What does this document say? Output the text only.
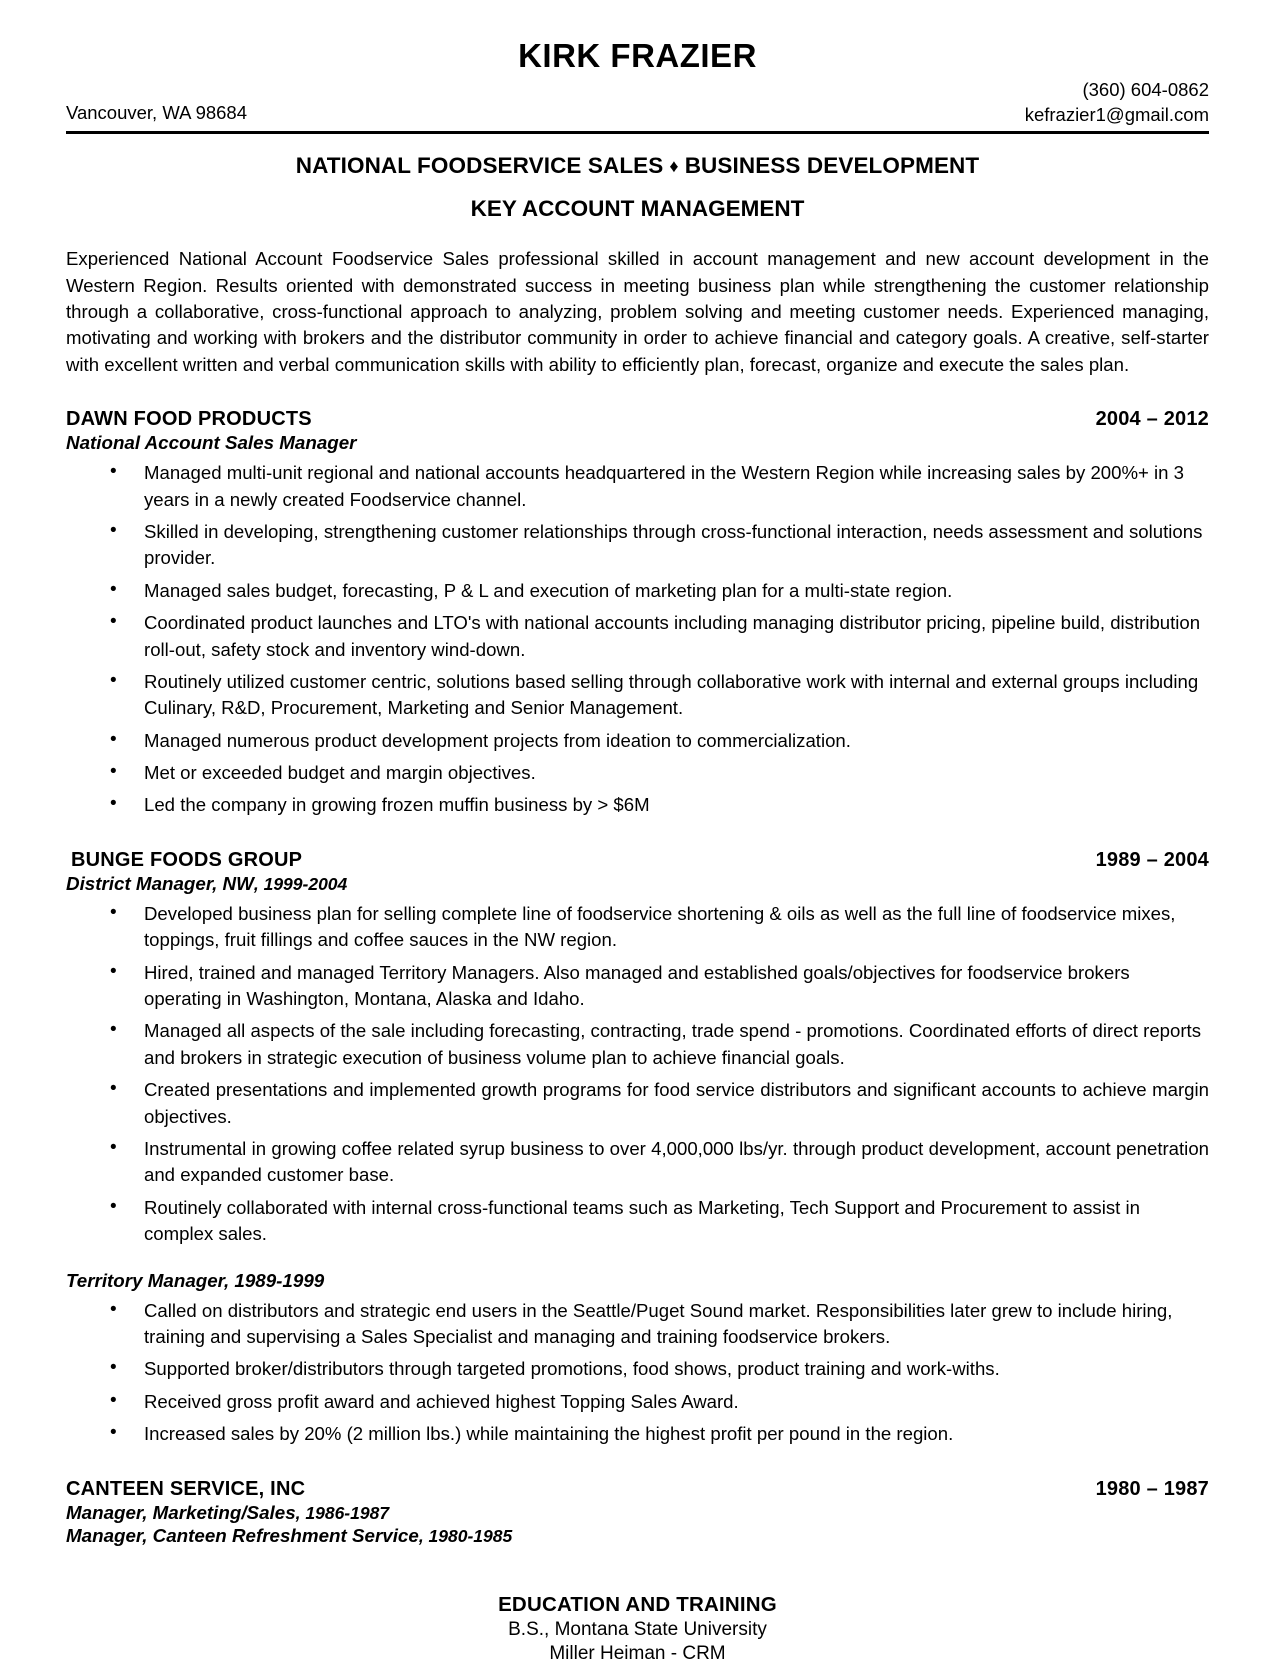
KIRK FRAZIER
Vancouver, WA 98684
(360) 604-0862
kefrazier1@gmail.com
NATIONAL FOODSERVICE SALES ♦ BUSINESS DEVELOPMENT
KEY ACCOUNT MANAGEMENT
Experienced National Account Foodservice Sales professional skilled in account management and new account development in the Western Region. Results oriented with demonstrated success in meeting business plan while strengthening the customer relationship through a collaborative, cross-functional approach to analyzing, problem solving and meeting customer needs. Experienced managing, motivating and working with brokers and the distributor community in order to achieve financial and category goals. A creative, self-starter with excellent written and verbal communication skills with ability to efficiently plan, forecast, organize and execute the sales plan.
DAWN FOOD PRODUCTS	2004 – 2012
National Account Sales Manager
• Managed multi-unit regional and national accounts headquartered in the Western Region while increasing sales by 200%+ in 3 years in a newly created Foodservice channel.
• Skilled in developing, strengthening customer relationships through cross-functional interaction, needs assessment and solutions provider.
• Managed sales budget, forecasting, P & L and execution of marketing plan for a multi-state region.
• Coordinated product launches and LTO's with national accounts including managing distributor pricing, pipeline build, distribution roll-out, safety stock and inventory wind-down.
• Routinely utilized customer centric, solutions based selling through collaborative work with internal and external groups including Culinary, R&D, Procurement, Marketing and Senior Management.
• Managed numerous product development projects from ideation to commercialization.
• Met or exceeded budget and margin objectives.
• Led the company in growing frozen muffin business by > $6M
BUNGE FOODS GROUP	1989 – 2004
District Manager, NW, 1999-2004
• Developed business plan for selling complete line of foodservice shortening & oils as well as the full line of foodservice mixes, toppings, fruit fillings and coffee sauces in the NW region.
• Hired, trained and managed Territory Managers. Also managed and established goals/objectives for foodservice brokers operating in Washington, Montana, Alaska and Idaho.
• Managed all aspects of the sale including forecasting, contracting, trade spend - promotions. Coordinated efforts of direct reports and brokers in strategic execution of business volume plan to achieve financial goals.
• Created presentations and implemented growth programs for food service distributors and significant accounts to achieve margin objectives.
• Instrumental in growing coffee related syrup business to over 4,000,000 lbs/yr. through product development, account penetration and expanded customer base.
• Routinely collaborated with internal cross-functional teams such as Marketing, Tech Support and Procurement to assist in complex sales.
Territory Manager, 1989-1999
• Called on distributors and strategic end users in the Seattle/Puget Sound market. Responsibilities later grew to include hiring, training and supervising a Sales Specialist and managing and training foodservice brokers.
• Supported broker/distributors through targeted promotions, food shows, product training and work-withs.
• Received gross profit award and achieved highest Topping Sales Award.
• Increased sales by 20% (2 million lbs.) while maintaining the highest profit per pound in the region.
CANTEEN SERVICE, INC	1980 – 1987
Manager, Marketing/Sales, 1986-1987
Manager, Canteen Refreshment Service, 1980-1985
EDUCATION AND TRAINING
B.S., Montana State University
Miller Heiman - CRM
